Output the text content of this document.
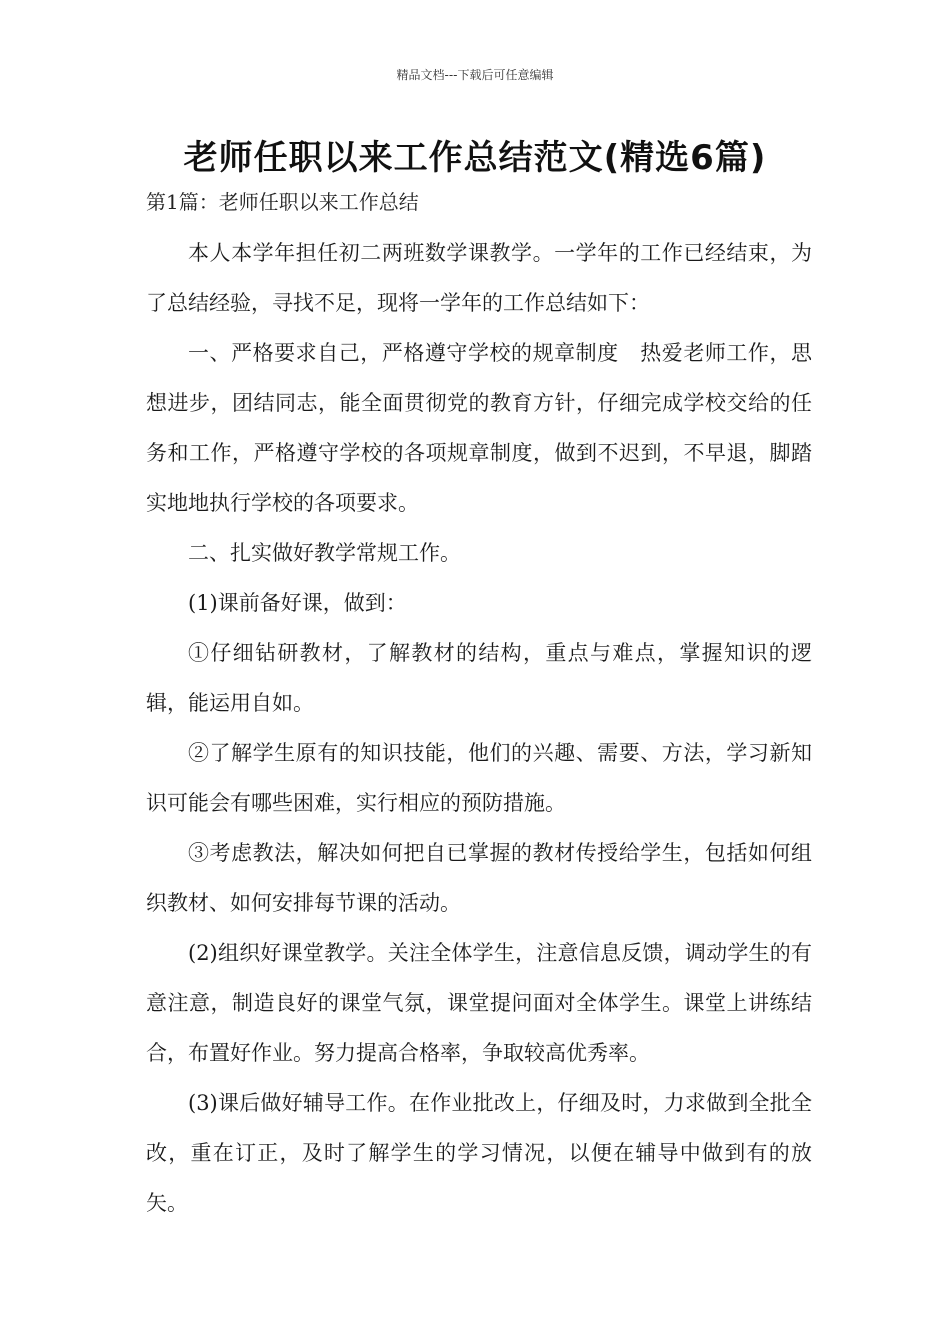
精品文档---下载后可任意编辑
老师任职以来工作总结范文(精选6篇)
第1篇：老师任职以来工作总结

本人本学年担任初二两班数学课教学。一学年的工作已经结束，为了总结经验，寻找不足，现将一学年的工作总结如下：

一、严格要求自己，严格遵守学校的规章制度　热爱老师工作，思想进步，团结同志，能全面贯彻党的教育方针，仔细完成学校交给的任务和工作，严格遵守学校的各项规章制度，做到不迟到，不早退，脚踏实地地执行学校的各项要求。

二、扎实做好教学常规工作。

(1)课前备好课，做到：

①仔细钻研教材，了解教材的结构，重点与难点，掌握知识的逻辑，能运用自如。

②了解学生原有的知识技能，他们的兴趣、需要、方法，学习新知识可能会有哪些困难，实行相应的预防措施。

③考虑教法，解决如何把自已掌握的教材传授给学生，包括如何组织教材、如何安排每节课的活动。

(2)组织好课堂教学。关注全体学生，注意信息反馈，调动学生的有意注意，制造良好的课堂气氛，课堂提问面对全体学生。课堂上讲练结合，布置好作业。努力提高合格率，争取较高优秀率。

(3)课后做好辅导工作。在作业批改上，仔细及时，力求做到全批全改，重在订正，及时了解学生的学习情况，以便在辅导中做到有的放矢。
